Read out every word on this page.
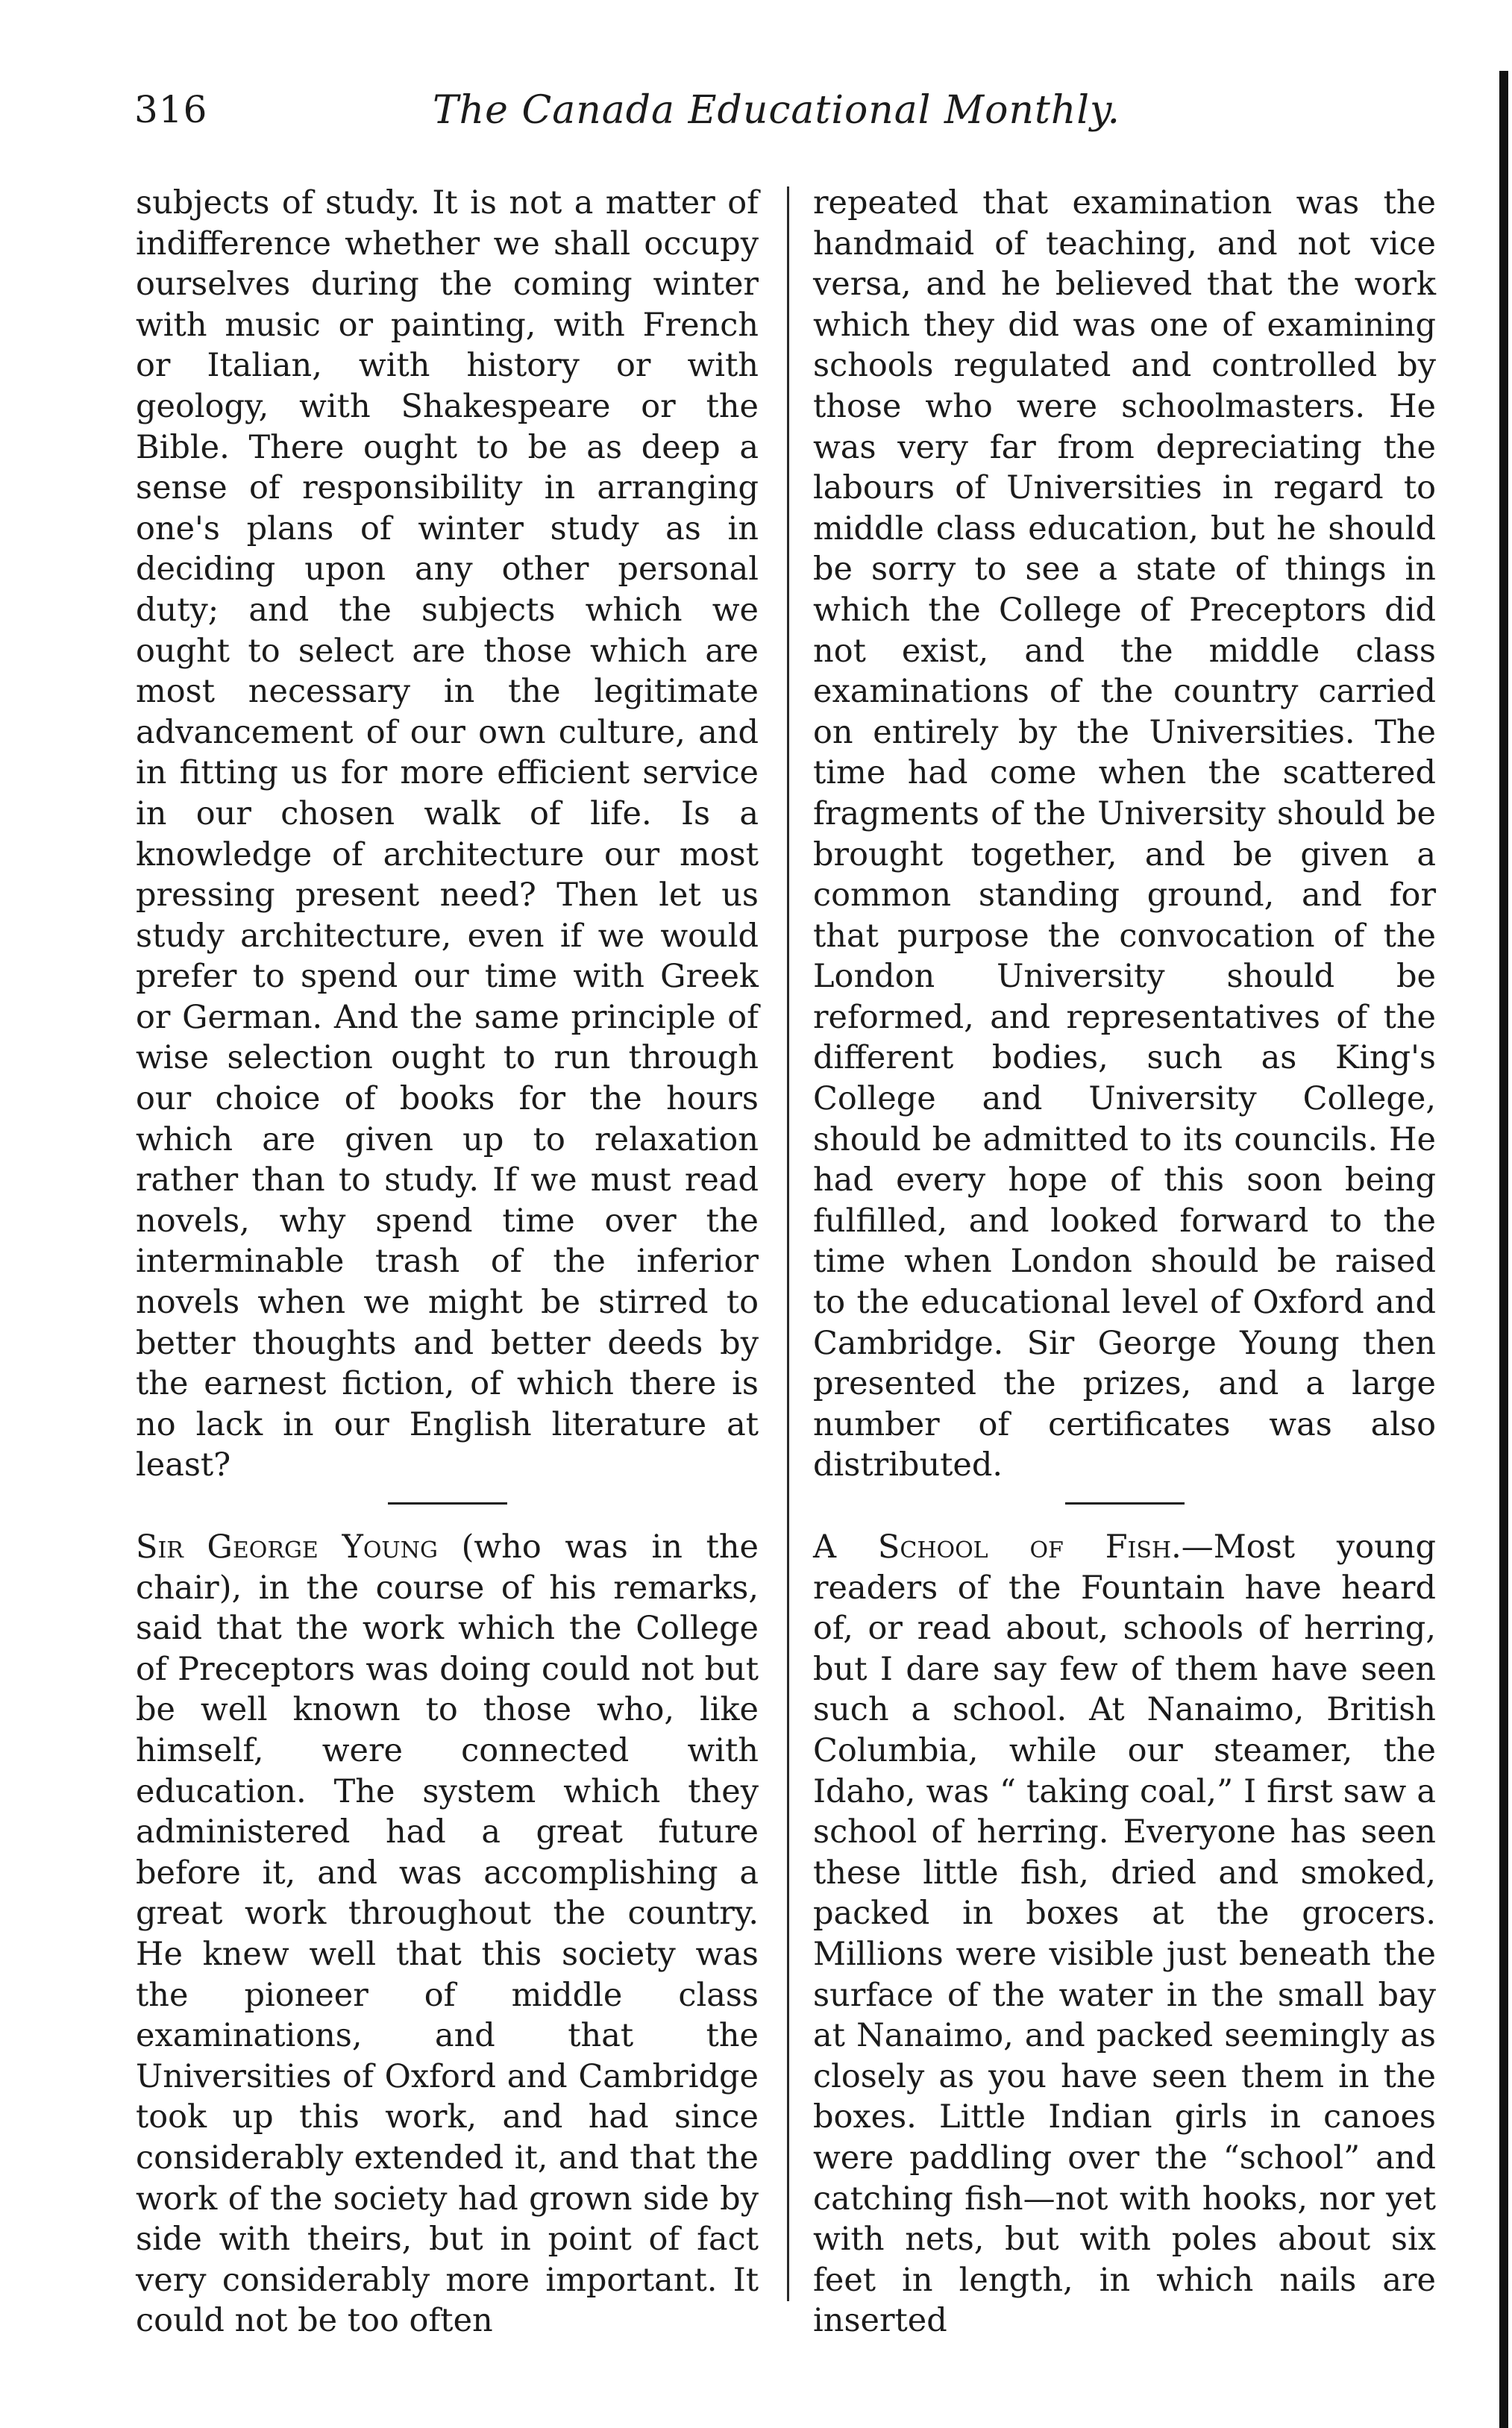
316	The Canada Educational Monthly.

subjects of study. It is not a matter of indifference whether we shall occupy ourselves during the coming winter with music or painting, with French or Italian, with history or with geology, with Shakespeare or the Bible. There ought to be as deep a sense of responsibility in arranging one's plans of winter study as in deciding upon any other personal duty; and the subjects which we ought to select are those which are most necessary in the legitimate advancement of our own culture, and in fitting us for more efficient service in our chosen walk of life. Is a knowledge of architecture our most pressing present need? Then let us study architecture, even if we would prefer to spend our time with Greek or German. And the same principle of wise selection ought to run through our choice of books for the hours which are given up to relaxation rather than to study. If we must read novels, why spend time over the interminable trash of the inferior novels when we might be stirred to better thoughts and better deeds by the earnest fiction, of which there is no lack in our English literature at least?

Sir George Young (who was in the chair), in the course of his remarks, said that the work which the College of Preceptors was doing could not but be well known to those who, like himself, were connected with education. The system which they administered had a great future before it, and was accomplishing a great work throughout the country. He knew well that this society was the pioneer of middle class examinations, and that the Universities of Oxford and Cambridge took up this work, and had since considerably extended it, and that the work of the society had grown side by side with theirs, but in point of fact very considerably more important. It could not be too often

repeated that examination was the handmaid of teaching, and not vice versa, and he believed that the work which they did was one of examining schools regulated and controlled by those who were schoolmasters. He was very far from depreciating the labours of Universities in regard to middle class education, but he should be sorry to see a state of things in which the College of Preceptors did not exist, and the middle class examinations of the country carried on entirely by the Universities. The time had come when the scattered fragments of the University should be brought together, and be given a common standing ground, and for that purpose the convocation of the London University should be reformed, and representatives of the different bodies, such as King's College and University College, should be admitted to its councils. He had every hope of this soon being fulfilled, and looked forward to the time when London should be raised to the educational level of Oxford and Cambridge. Sir George Young then presented the prizes, and a large number of certificates was also distributed.

A School of Fish.—Most young readers of the Fountain have heard of, or read about, schools of herring, but I dare say few of them have seen such a school. At Nanaimo, British Columbia, while our steamer, the Idaho, was “ taking coal,” I first saw a school of herring. Everyone has seen these little fish, dried and smoked, packed in boxes at the grocers. Millions were visible just beneath the surface of the water in the small bay at Nanaimo, and packed seemingly as closely as you have seen them in the boxes. Little Indian girls in canoes were paddling over the “school” and catching fish—not with hooks, nor yet with nets, but with poles about six feet in length, in which nails are inserted
